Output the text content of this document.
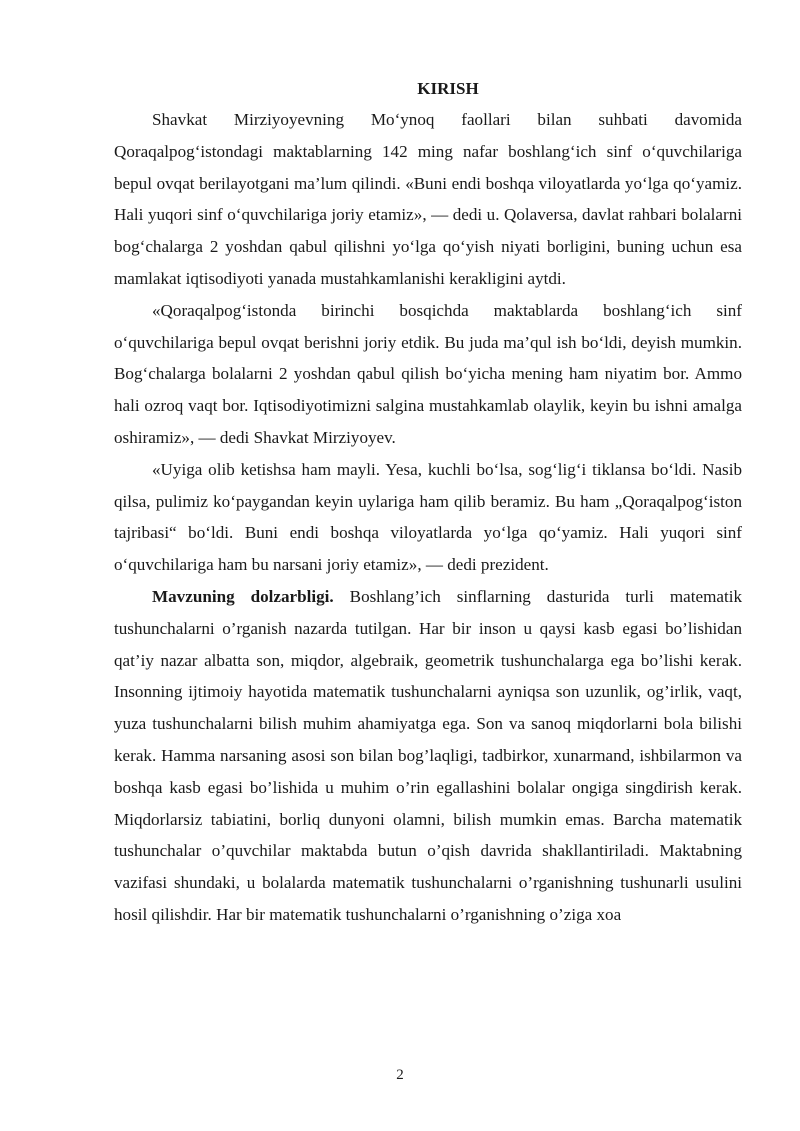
KIRISH

Shavkat Mirziyoyevning Mo‘ynoq faollari bilan suhbati davomida Qoraqalpog‘istondagi maktablarning 142 ming nafar boshlang‘ich sinf o‘quvchilariga bepul ovqat berilayotgani ma’lum qilindi. «Buni endi boshqa viloyatlarda yo‘lga qo‘yamiz. Hali yuqori sinf o‘quvchilariga joriy etamiz», — dedi u. Qolaversa, davlat rahbari bolalarni bog‘chalarga 2 yoshdan qabul qilishni yo‘lga qo‘yish niyati borligini, buning uchun esa mamlakat iqtisodiyoti yanada mustahkamlanishi kerakligini aytdi.

«Qoraqalpog‘istonda birinchi bosqichda maktablarda boshlang‘ich sinf o‘quvchilariga bepul ovqat berishni joriy etdik. Bu juda ma’qul ish bo‘ldi, deyish mumkin. Bog‘chalarga bolalarni 2 yoshdan qabul qilish bo‘yicha mening ham niyatim bor. Ammo hali ozroq vaqt bor. Iqtisodiyotimizni salgina mustahkamlab olaylik, keyin bu ishni amalga oshiramiz», — dedi Shavkat Mirziyoyev.

«Uyiga olib ketishsa ham mayli. Yesa, kuchli bo‘lsa, sog‘lig‘i tiklansa bo‘ldi. Nasib qilsa, pulimiz ko‘paygandan keyin uylariga ham qilib beramiz. Bu ham „Qoraqalpog‘iston tajribasi“ bo‘ldi. Buni endi boshqa viloyatlarda yo‘lga qo‘yamiz. Hali yuqori sinf o‘quvchilariga ham bu narsani joriy etamiz», — dedi prezident.

Mavzuning dolzarbligi. Boshlang’ich sinflarning dasturida turli matematik tushunchalarni o’rganish nazarda tutilgan. Har bir inson u qaysi kasb egasi bo’lishidan qat’iy nazar albatta son, miqdor, algebraik, geometrik tushunchalarga ega bo’lishi kerak. Insonning ijtimoiy hayotida matematik tushunchalarni ayniqsa son uzunlik, og’irlik, vaqt, yuza tushunchalarni bilish muhim ahamiyatga ega. Son va sanoq miqdorlarni bola bilishi kerak. Hamma narsaning asosi son bilan bog’laqligi, tadbirkor, xunarmand, ishbilarmon va boshqa kasb egasi bo’lishida u muhim o’rin egallashini bolalar ongiga singdirish kerak. Miqdorlarsiz tabiatini, borliq dunyoni olamni, bilish mumkin emas. Barcha matematik tushunchalar o’quvchilar maktabda butun o’qish davrida shakllantiriladi. Maktabning vazifasi shundaki, u bolalarda matematik tushunchalarni o’rganishning tushunarli usulini hosil qilishdir. Har bir matematik tushunchalarni o’rganishning o’ziga xoa

2
